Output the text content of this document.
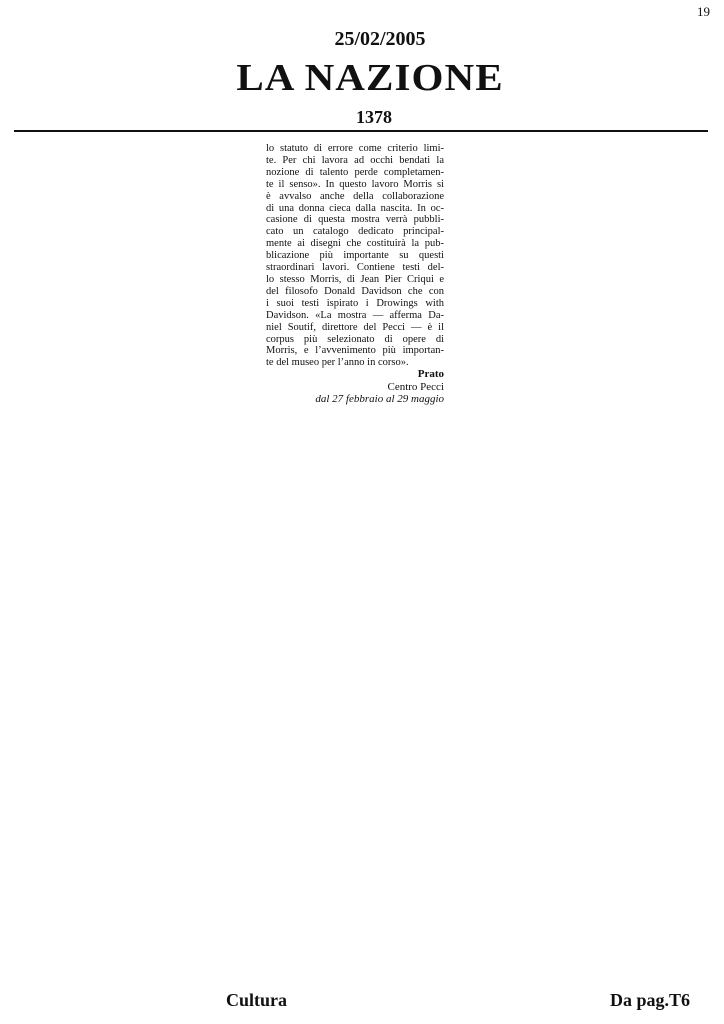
19
25/02/2005
LA NAZIONE
1378
lo statuto di errore come criterio limi-
te. Per chi lavora ad occhi bendati la
nozione di talento perde completamen-
te il senso». In questo lavoro Morris si
è avvalso anche della collaborazione
di una donna cieca dalla nascita. In oc-
casione di questa mostra verrà pubbli-
cato un catalogo dedicato principal-
mente ai disegni che costituirà la pub-
blicazione più importante su questi
straordinari lavori. Contiene testi del-
lo stesso Morris, di Jean Pier Criqui e
del filosofo Donald Davidson che con
i suoi testi ispirato i Drowings with
Davidson. «La mostra — afferma Da-
niel Soutif, direttore del Pecci — è il
corpus più selezionato di opere di
Morris, e l’avvenimento più importan-
te del museo per l’anno in corso».
Prato
Centro Pecci
dal 27 febbraio al 29 maggio
Cultura	Da pag.T6
